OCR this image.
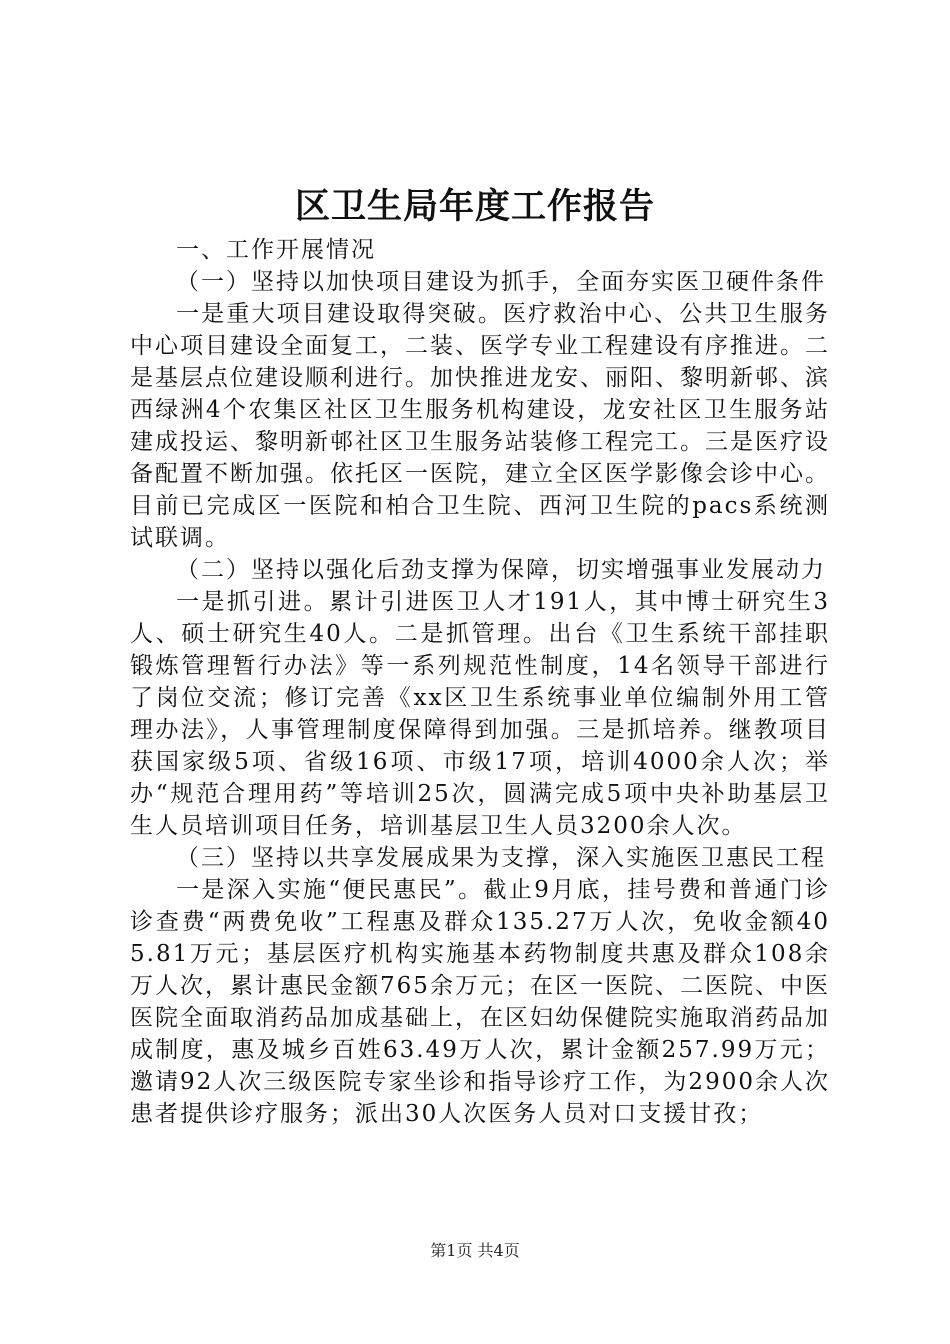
区卫生局年度工作报告

一、工作开展情况

（一）坚持以加快项目建设为抓手，全面夯实医卫硬件条件

一是重大项目建设取得突破。医疗救治中心、公共卫生服务中心项目建设全面复工，二装、医学专业工程建设有序推进。二是基层点位建设顺利进行。加快推进龙安、丽阳、黎明新邨、滨西绿洲4个农集区社区卫生服务机构建设，龙安社区卫生服务站建成投运、黎明新邨社区卫生服务站装修工程完工。三是医疗设备配置不断加强。依托区一医院，建立全区医学影像会诊中心。目前已完成区一医院和柏合卫生院、西河卫生院的pacs系统测试联调。

（二）坚持以强化后劲支撑为保障，切实增强事业发展动力

一是抓引进。累计引进医卫人才191人，其中博士研究生3人、硕士研究生40人。二是抓管理。出台《卫生系统干部挂职锻炼管理暂行办法》等一系列规范性制度，14名领导干部进行了岗位交流；修订完善《xx区卫生系统事业单位编制外用工管理办法》，人事管理制度保障得到加强。三是抓培养。继教项目获国家级5项、省级16项、市级17项，培训4000余人次；举办“规范合理用药”等培训25次，圆满完成5项中央补助基层卫生人员培训项目任务，培训基层卫生人员3200余人次。

（三）坚持以共享发展成果为支撑，深入实施医卫惠民工程

一是深入实施“便民惠民”。截止9月底，挂号费和普通门诊诊查费“两费免收”工程惠及群众135.27万人次，免收金额405.81万元；基层医疗机构实施基本药物制度共惠及群众108余万人次，累计惠民金额765余万元；在区一医院、二医院、中医医院全面取消药品加成基础上，在区妇幼保健院实施取消药品加成制度，惠及城乡百姓63.49万人次，累计金额257.99万元；邀请92人次三级医院专家坐诊和指导诊疗工作，为2900余人次患者提供诊疗服务；派出30人次医务人员对口支援甘孜；

第1页 共4页
